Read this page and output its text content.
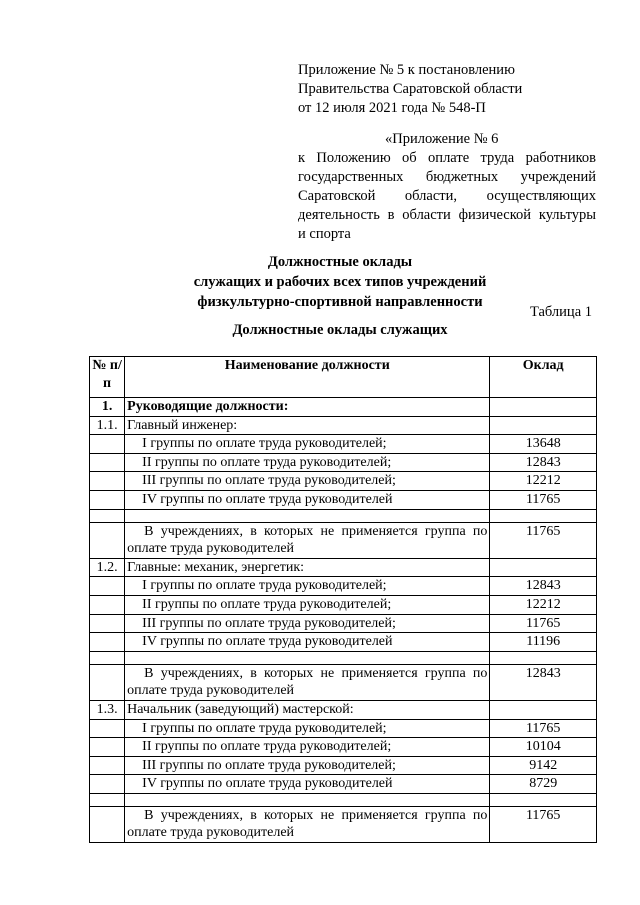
Приложение № 5 к постановлению
Правительства Саратовской области
от 12 июля 2021 года № 548-П
«Приложение № 6
к Положению об оплате труда работников
государственных бюджетных учреждений
Саратовской области, осуществляющих
деятельность в области физической культуры
и спорта
Должностные оклады
служащих и рабочих всех типов учреждений
физкультурно-спортивной направленности
Таблица 1
Должностные оклады служащих
№ п/п	Наименование должности	Оклад
1.	Руководящие должности:	
1.1.	Главный инженер:	
	I группы по оплате труда руководителей;	13648
	II группы по оплате труда руководителей;	12843
	III группы по оплате труда руководителей;	12212
	IV группы по оплате труда руководителей	11765

	В учреждениях, в которых не применяется группа по оплате труда руководителей	11765
1.2.	Главные: механик, энергетик:	
	I группы по оплате труда руководителей;	12843
	II группы по оплате труда руководителей;	12212
	III группы по оплате труда руководителей;	11765
	IV группы по оплате труда руководителей	11196

	В учреждениях, в которых не применяется группа по оплате труда руководителей	12843
1.3.	Начальник (заведующий) мастерской:	
	I группы по оплате труда руководителей;	11765
	II группы по оплате труда руководителей;	10104
	III группы по оплате труда руководителей;	9142
	IV группы по оплате труда руководителей	8729

	В учреждениях, в которых не применяется группа по оплате труда руководителей	11765
